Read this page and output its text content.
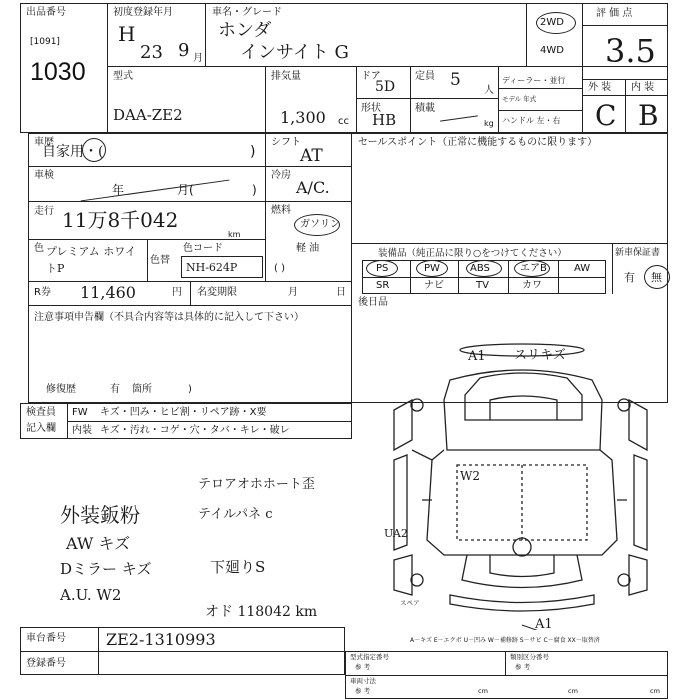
出品番号
[1091]
1030
初度登録年月
H
23 9 月
車名・グレード
ホンダ
インサイト G
2WD
4WD
評 価 点
3.5
型式
DAA-ZE2
排気量
1,300 cc
ドア
5D
形状
HB
定員 5
人
積載
kg
ディーラー・並行
モデル 年式
ハンドル 左・右
外 装 内 装
C B
車歴
自家用・(	)
シフト
AT
車検
年	月(	)
冷房
A/C.
走行 11万8千042
km
燃料
ガソリン
軽 油
( )
色 プレミアム ホワイトP
色替
色コード
NH-624P
R券 11,460	円 名変期限	月	日
注意事項申告欄（不具合内容等は具体的に記入して下さい）
修復歴	有 箇所	)
セールスポイント（正常に機能するものに限ります）
装備品（純正品に限り○をつけてください）	新車保証書
有 無
PS	PW	ABS	エアB	AW
SR	ナビ	TV	カワ
後日品
検査員
記入欄
FW キズ・凹み・ヒビ割・リペア跡・X要
内装 キズ・汚れ・コゲ・穴・タバ・キレ・破レ
テロアオホホート歪
テイルパネ c
外装鈑粉
AW キズ
Dミラー キズ	下廻りS
A.U. W2
オド 118042 km
A1 スリキズ
W2
UA2
A1
スペア
A－キズ E－エクボ U－凹み W－補修跡 S－サビ C－腐食 XX－取替済
車台番号	ZE2-1310993
登録番号
型式指定番号
参 考
類別区分番号
参 考
車両寸法
参 考	cm	cm	cm
